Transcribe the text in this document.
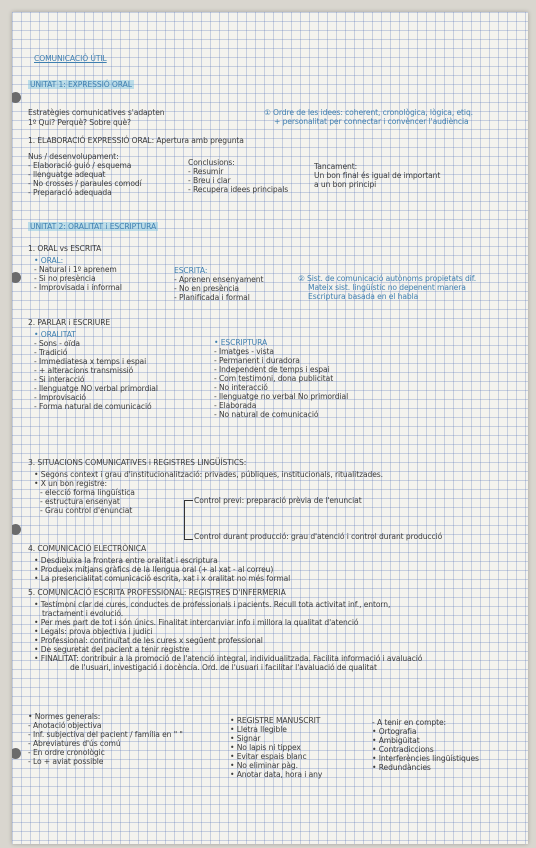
COMUNICACIÓ ÚTIL
UNITAT 1: EXPRESSIÓ ORAL
Estratègies comunicatives s'adapten
1º Qui? Perquè? Sobre què?
① Ordre de les idees: coherent, cronològica, lògica, etiq.
+ personalitat per connectar i convèncer l'audiència
1. ELABORACIÓ EXPRESSIÓ ORAL: Apertura amb pregunta
Nus / desenvolupament:
- Elaboració guió / esquema
- llenguatge adequat
- No crosses / paraules comodí
- Preparació adequada
Conclusions:
- Resumir
- Breu i clar
- Recupera idees principals
Tancament:
Un bon final és igual de important
a un bon principi
UNITAT 2: ORALITAT i ESCRIPTURA
1. ORAL vs ESCRITA
• ORAL:
- Natural i 1º aprenem
- Si no presència
- Improvisada i informal
ESCRITA:
- Aprenen ensenyament
- No en presència
- Planificada i formal
② Sist. de comunicació autònoms propietats dif.
Mateix sist. lingüístic no depenent manera
Escriptura basada en el habla
2. PARLAR i ESCRIURE
• ORALITAT
- Sons - oïda
- Tradició
- Immediatesa x temps i espai
- + alteracions transmissió
- Si interacció
- llenguatge NO verbal primordial
- Improvisació
- Forma natural de comunicació
• ESCRIPTURA
- Imatges - vista
- Permanent i duradora
- Independent de temps i espai
- Com testimoni, dona publicitat
- No interacció
- llenguatge no verbal No primordial
- Elaborada
- No natural de comunicació
3. SITUACIONS COMUNICATIVES i REGISTRES LINGÜÍSTICS:
• Segons context i grau d'institucionalització: privades, públiques, institucionals, ritualitzades.
• X un bon registre:
- elecció forma lingüística
- estructura ensenyat
- Grau control d'enunciat
Control previ: preparació prèvia de l'enunciat
Control durant producció: grau d'atenció i control durant producció
4. COMUNICACIÓ ELECTRÒNICA
• Desdibuixa la frontera entre oralitat i escriptura
• Produeix mitjans gràfics de la llengua oral (+ al xat - al correu)
• La presencialitat comunicació escrita, xat i x oralitat no més formal
5. COMUNICACIÓ ESCRITA PROFESSIONAL: REGISTRES D'INFERMERIA
• Testimoni clar de cures, conductes de professionals i pacients. Recull tota activitat inf., entorn,
tractament i evolució.
• Per mes part de tot i són únics. Finalitat intercanviar info i millora la qualitat d'atenció
• Legals: prova objectiva i judici
• Professional: continuïtat de les cures x següent professional
• De seguretat del pacient a tenir registre
• FINALITAT: contribuir a la promoció de l'atenció integral, individualitzada. Facilita informació i avaluació
de l'usuari, investigació i docència. Ord. de l'usuari i facilitar l'avaluació de qualitat
• Normes generals:
- Anotació objectiva
- Inf. subjectiva del pacient / família en " "
- Abreviatures d'ús comú
- En ordre cronològic
- Lo + aviat possible
• REGISTRE MANUSCRIT
• Lletra llegible
• Signar
• No lapis ni tippex
• Evitar espais blanc
• No eliminar pàg.
• Anotar data, hora i any
- A tenir en compte:
• Ortografia
• Ambigüitat
• Contradiccions
• Interferències lingüístiques
• Redundàncies
